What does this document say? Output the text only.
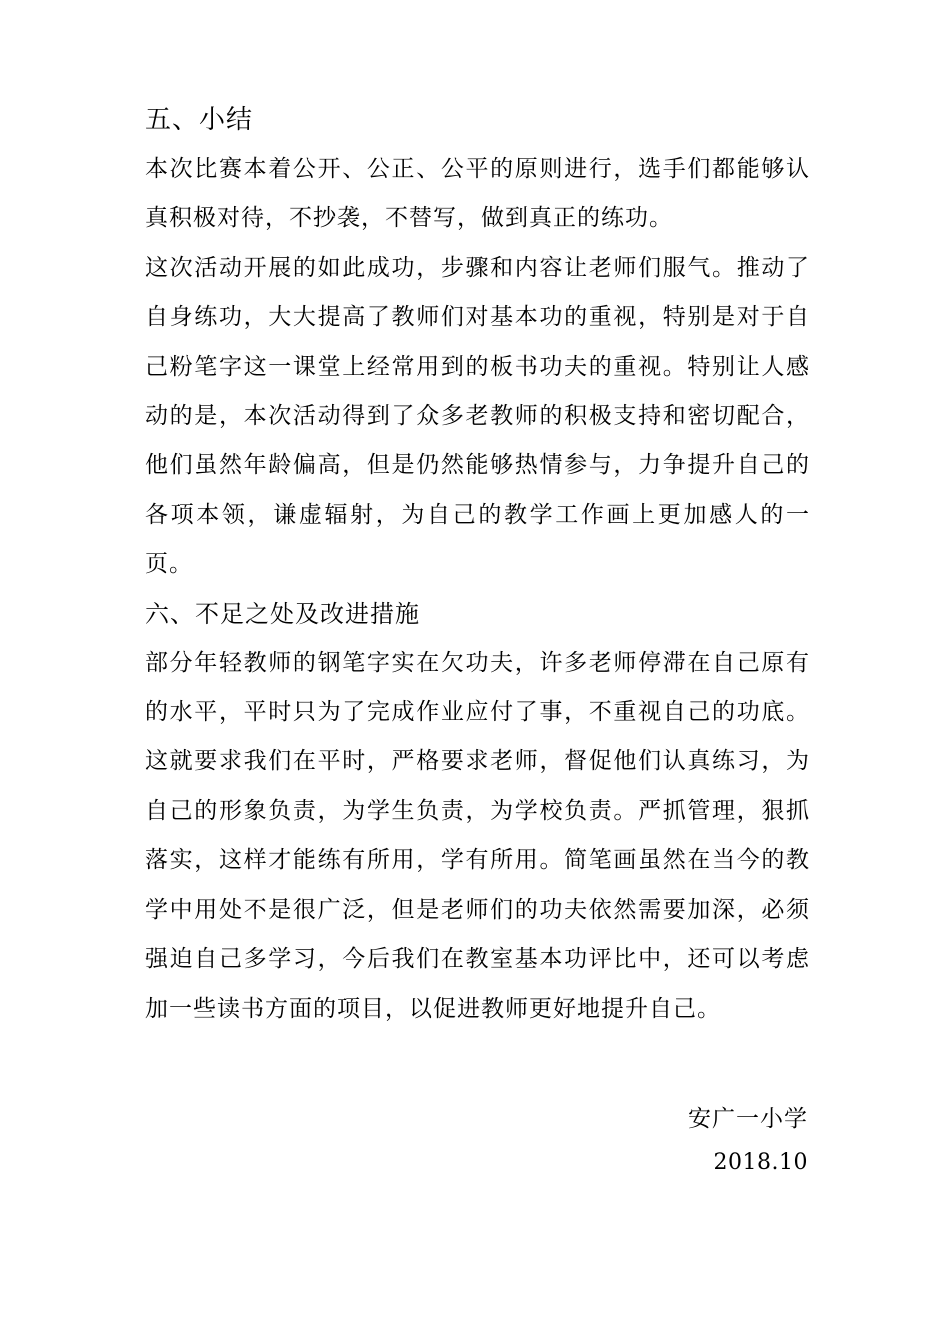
五、小结

本次比赛本着公开、公正、公平的原则进行，选手们都能够认真积极对待，不抄袭，不替写，做到真正的练功。

这次活动开展的如此成功，步骤和内容让老师们服气。推动了自身练功，大大提高了教师们对基本功的重视，特别是对于自己粉笔字这一课堂上经常用到的板书功夫的重视。特别让人感动的是，本次活动得到了众多老教师的积极支持和密切配合，他们虽然年龄偏高，但是仍然能够热情参与，力争提升自己的各项本领，谦虚辐射，为自己的教学工作画上更加感人的一页。

六、不足之处及改进措施

部分年轻教师的钢笔字实在欠功夫，许多老师停滞在自己原有的水平，平时只为了完成作业应付了事，不重视自己的功底。这就要求我们在平时，严格要求老师，督促他们认真练习，为自己的形象负责，为学生负责，为学校负责。严抓管理，狠抓落实，这样才能练有所用，学有所用。简笔画虽然在当今的教学中用处不是很广泛，但是老师们的功夫依然需要加深，必须强迫自己多学习，今后我们在教室基本功评比中，还可以考虑加一些读书方面的项目，以促进教师更好地提升自己。

安广一小学
2018.10
